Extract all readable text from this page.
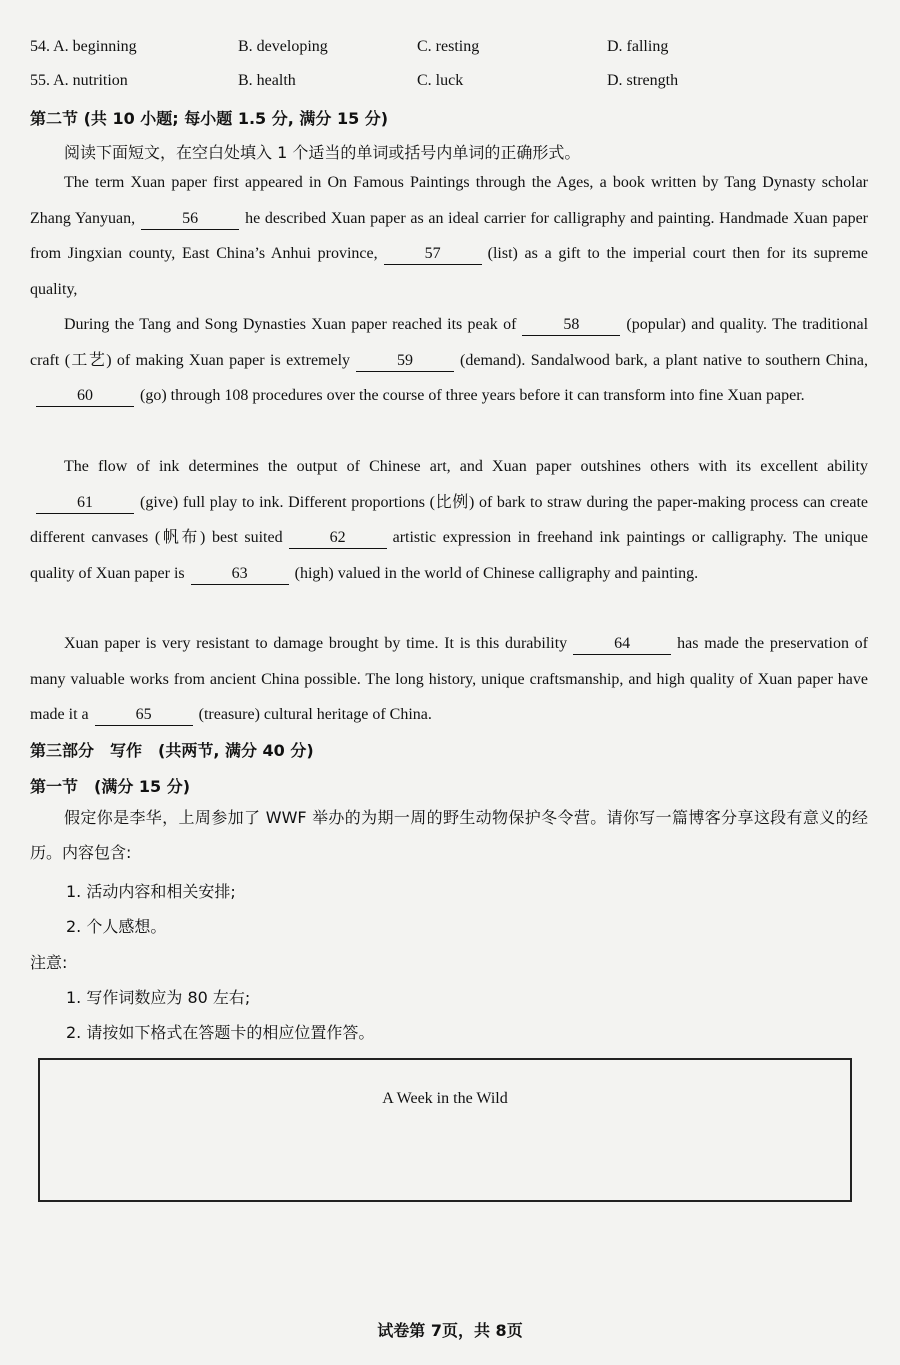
54. A. beginning	B. developing	C. resting	D. falling
55. A. nutrition	B. health	C. luck	D. strength
第二节 (共 10 小题; 每小题 1.5 分, 满分 15 分)
阅读下面短文，在空白处填入 1 个适当的单词或括号内单词的正确形式。
The term Xuan paper first appeared in On Famous Paintings through the Ages, a book written by Tang Dynasty scholar Zhang Yanyuan,	56	he described Xuan paper as an ideal carrier for calligraphy and painting. Handmade Xuan paper from Jingxian county, East China’s Anhui province,	57	(list) as a gift to the imperial court then for its supreme quality,
During the Tang and Song Dynasties Xuan paper reached its peak of	58	(popular) and quality. The traditional craft (工艺) of making Xuan paper is extremely	59	(demand). Sandalwood bark, a plant native to southern China,60	(go) through 108 procedures over the course of three years before it can transform into fine Xuan paper.
The flow of ink determines the output of Chinese art, and Xuan paper outshines others with its excellent ability61	(give) full play to ink. Different proportions (比例) of bark to straw during the paper-making process can create different canvases (帆布) best suited	62	artistic expression in freehand ink paintings or calligraphy. The unique quality of Xuan paper is	63	(high) valued in the world of Chinese calligraphy and painting.
Xuan paper is very resistant to damage brought by time. It is this durability	64	has made the preservation of many valuable works from ancient China possible. The long history, unique craftsmanship, and high quality of Xuan paper have made it a	65	(treasure) cultural heritage of China.
第三部分　写作　(共两节, 满分 40 分)
第一节　(满分 15 分)
假定你是李华，上周参加了 WWF 举办的为期一周的野生动物保护冬令营。请你写一篇博客分享这段有意义的经历。内容包含:
1. 活动内容和相关安排;
2. 个人感想。
注意:
1. 写作词数应为 80 左右;
2. 请按如下格式在答题卡的相应位置作答。
A Week in the Wild
试卷第 7页，共 8页
